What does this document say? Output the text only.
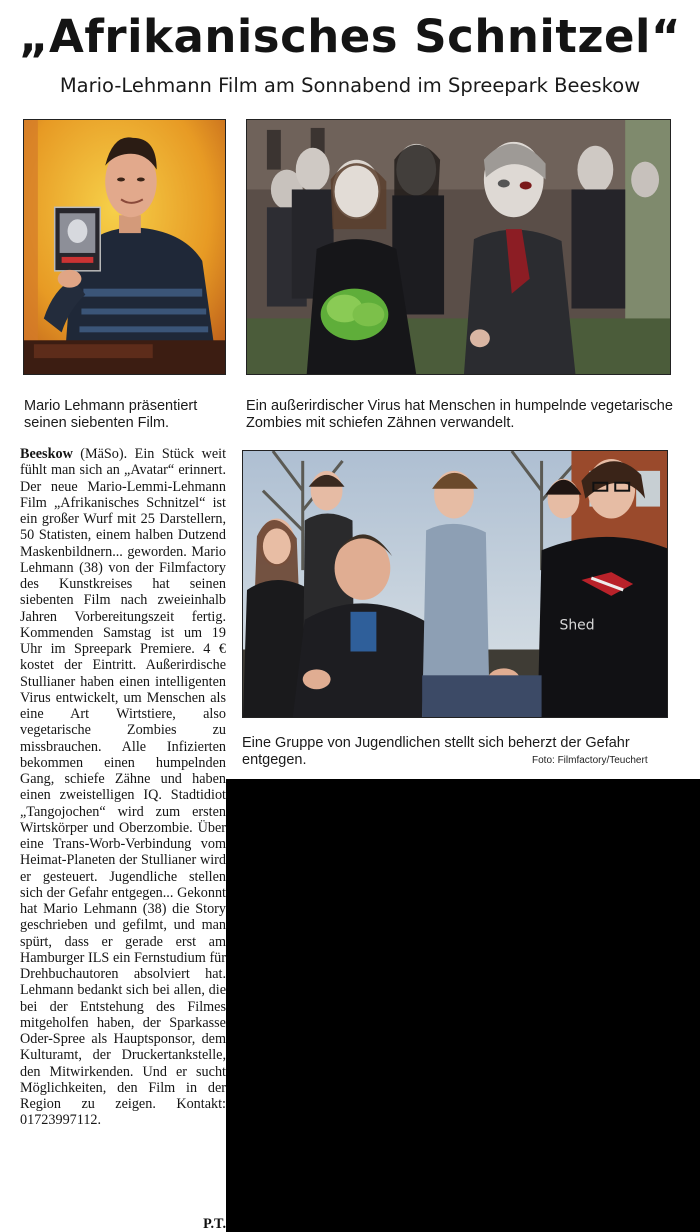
„Afrikanisches Schnitzel“
Mario-Lehmann Film am Sonnabend im Spreepark Beeskow
Mario Lehmann präsentiert seinen siebenten Film.
Ein außerirdischer Virus hat Menschen in humpelnde vegetarische Zombies mit schiefen Zähnen verwandelt.
Shed
Eine Gruppe von Jugendlichen stellt sich beherzt der Gefahr entgegen.	Foto: Filmfactory/Teuchert

Beeskow (MäSo). Ein Stück weit fühlt man sich an „Avatar“ erinnert. Der neue Mario-Lemmi-Lehmann Film „Afrikanisches Schnitzel“ ist ein großer Wurf mit 25 Darstellern, 50 Statisten, einem halben Dutzend Maskenbildnern... geworden. Mario Lehmann (38) von der Filmfactory des Kunstkreises hat seinen siebenten Film nach zweieinhalb Jahren Vorbereitungszeit fertig. Kommenden Samstag ist um 19 Uhr im Spreepark Premiere. 4 € kostet der Eintritt. Außerirdische Stullianer haben einen intelligenten Virus entwickelt, um Menschen als eine Art Wirtstiere, also vegetarische Zombies zu missbrauchen. Alle Infizierten bekommen einen humpelnden Gang, schiefe Zähne und haben einen zweistelligen IQ. Stadtidiot „Tangojochen“ wird zum ersten Wirtskörper und Oberzombie. Über eine Trans-Worb-Verbindung vom Heimat-Planeten der Stullianer wird er gesteuert. Jugendliche stellen sich der Gefahr entgegen... Gekonnt hat Mario Lehmann (38) die Story geschrieben und gefilmt, und man spürt, dass er gerade erst am Hamburger ILS ein Fernstudium für Drehbuchautoren absolviert hat. Lehmann bedankt sich bei allen, die bei der Entstehung des Filmes mitgeholfen haben, der Sparkasse Oder-Spree als Hauptsponsor, dem Kulturamt, der Druckertankstelle, den Mitwirkenden. Und er sucht Möglichkeiten, den Film in der Region zu zeigen. Kontakt: 01723997112.

P.T.
